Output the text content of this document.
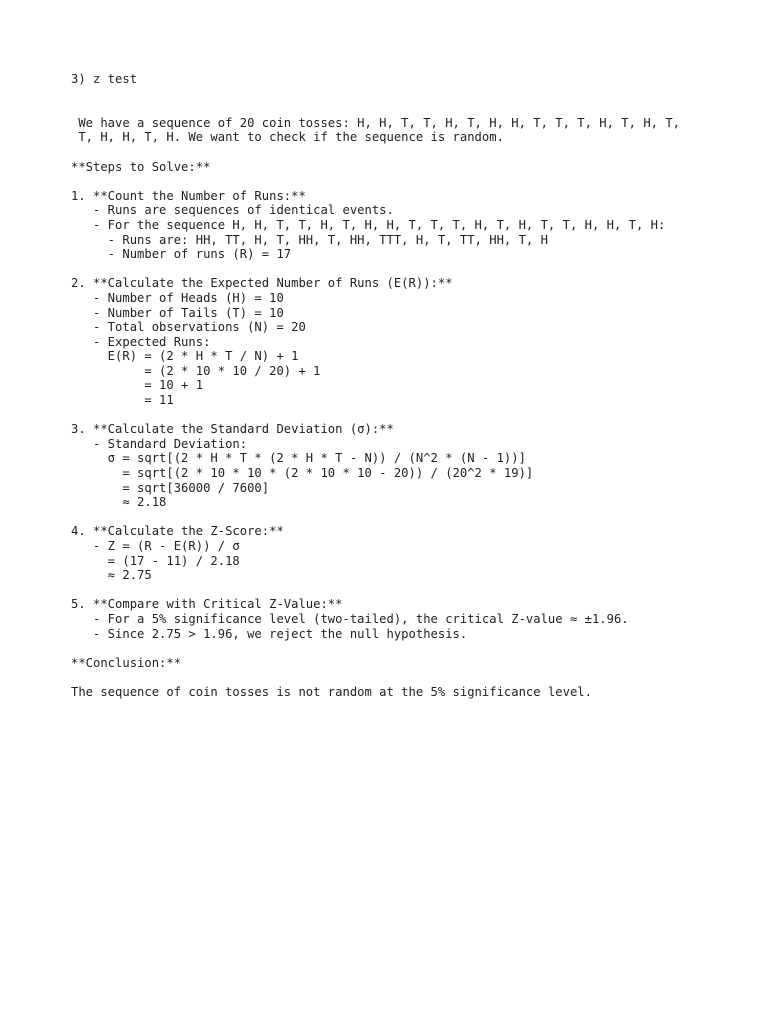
3) z test
We have a sequence of 20 coin tosses: H, H, T, T, H, T, H, H, T, T, T, H, T, H, T,
T, H, H, T, H. We want to check if the sequence is random.
**Steps to Solve:**
1. **Count the Number of Runs:**
- Runs are sequences of identical events.
- For the sequence H, H, T, T, H, T, H, H, T, T, T, H, T, H, T, T, H, H, T, H:
- Runs are: HH, TT, H, T, HH, T, HH, TTT, H, T, TT, HH, T, H
- Number of runs (R) = 17
2. **Calculate the Expected Number of Runs (E(R)):**
- Number of Heads (H) = 10
- Number of Tails (T) = 10
- Total observations (N) = 20
- Expected Runs:
E(R) = (2 * H * T / N) + 1
= (2 * 10 * 10 / 20) + 1
= 10 + 1
= 11
3. **Calculate the Standard Deviation (σ):**
- Standard Deviation:
σ = sqrt[(2 * H * T * (2 * H * T - N)) / (N^2 * (N - 1))]
= sqrt[(2 * 10 * 10 * (2 * 10 * 10 - 20)) / (20^2 * 19)]
= sqrt[36000 / 7600]
≈ 2.18
4. **Calculate the Z-Score:**
- Z = (R - E(R)) / σ
= (17 - 11) / 2.18
≈ 2.75
5. **Compare with Critical Z-Value:**
- For a 5% significance level (two-tailed), the critical Z-value ≈ ±1.96.
- Since 2.75 > 1.96, we reject the null hypothesis.
**Conclusion:**
The sequence of coin tosses is not random at the 5% significance level.
